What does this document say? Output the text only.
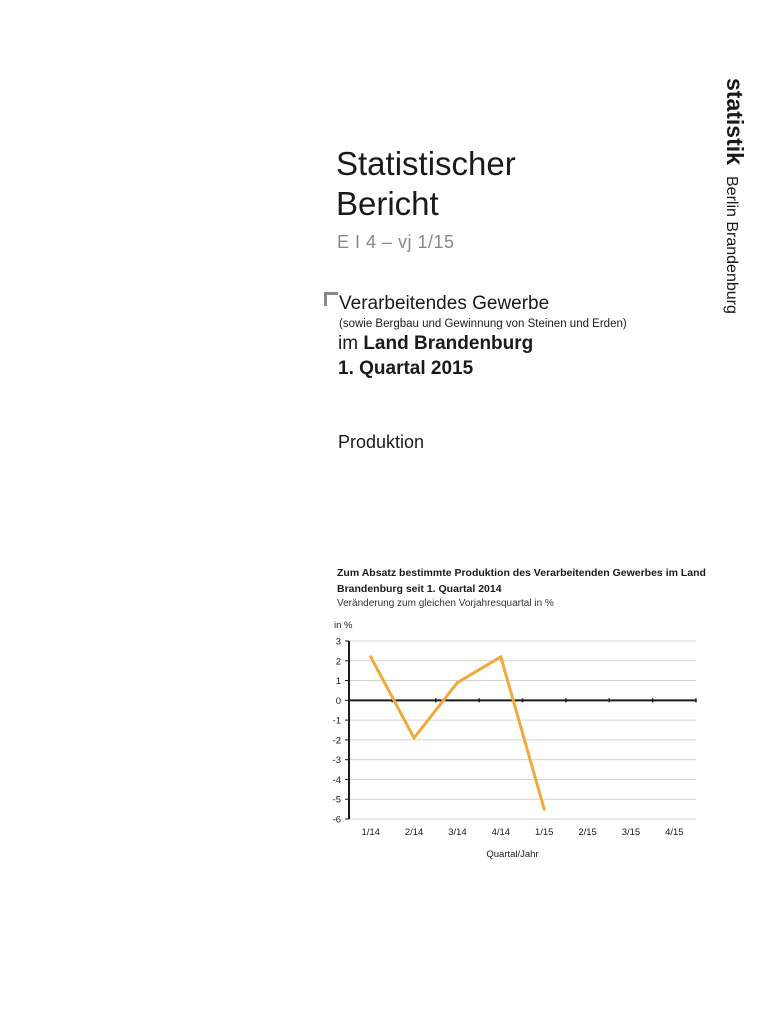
statistik
Berlin Brandenburg
Statistischer
Bericht
E I 4 – vj 1/15
Verarbeitendes Gewerbe
(sowie Bergbau und Gewinnung von Steinen und Erden)
im Land Brandenburg
1. Quartal 2015
Produktion
Zum Absatz bestimmte Produktion des Verarbeitenden Gewerbes im Land Brandenburg seit 1. Quartal 2014
Veränderung zum gleichen Vorjahresquartal in %
in %
3
2
1
0
-1
-2
-3
-4
-5
-6
1/14	2/14	3/14	4/14	1/15	2/15	3/15	4/15
Quartal/Jahr
